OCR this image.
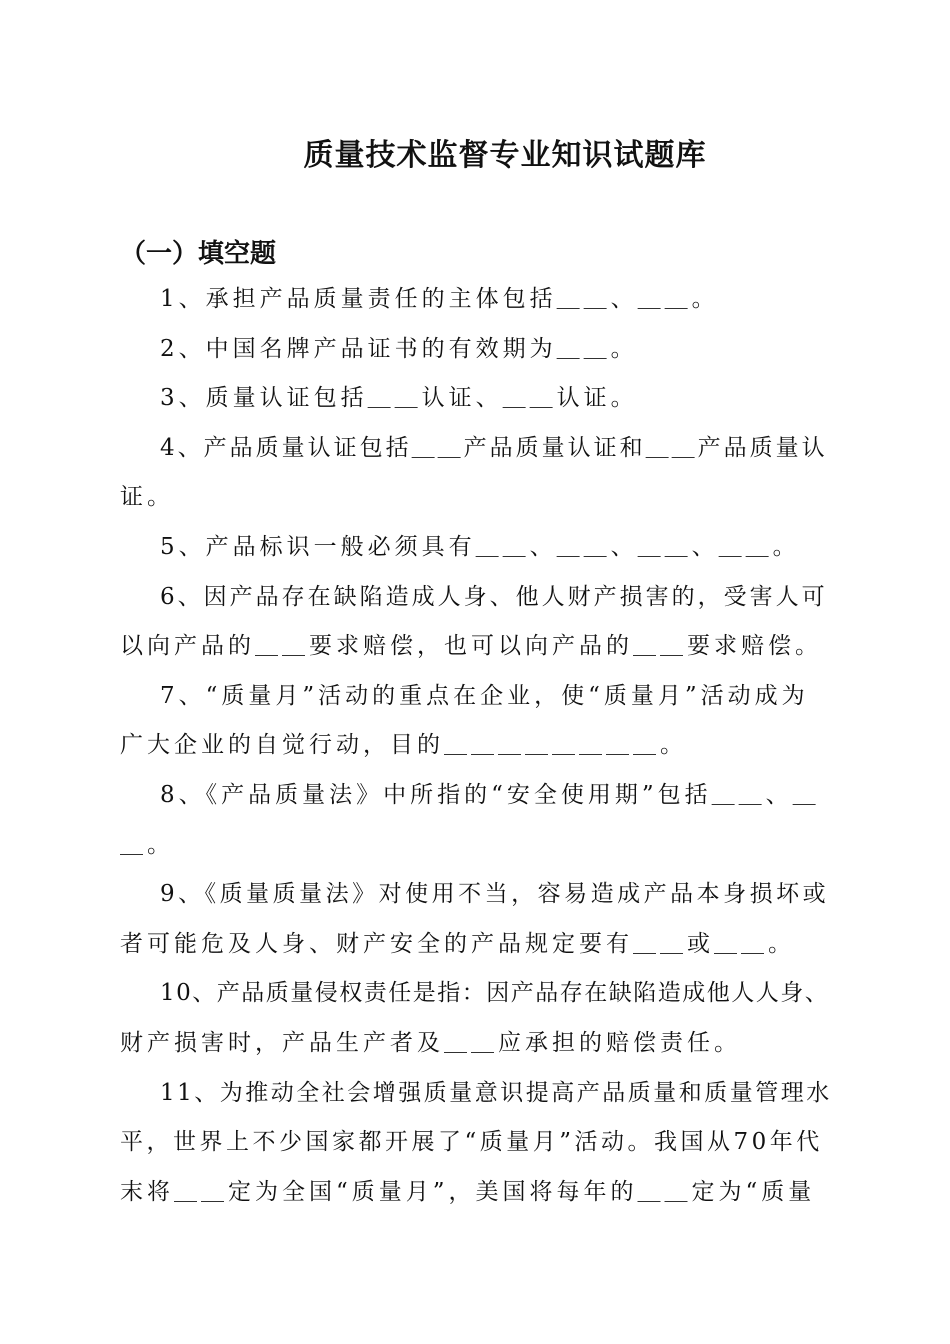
质量技术监督专业知识试题库
（一）填空题
1、承担产品质量责任的主体包括＿＿、＿＿。
2、中国名牌产品证书的有效期为＿＿。
3、质量认证包括＿＿认证、＿＿认证。
4、产品质量认证包括＿＿产品质量认证和＿＿产品质量认
证。
5、产品标识一般必须具有＿＿、＿＿、＿＿、＿＿。
6、因产品存在缺陷造成人身、他人财产损害的，受害人可
以向产品的＿＿要求赔偿，也可以向产品的＿＿要求赔偿。
7、“质量月”活动的重点在企业，使“质量月”活动成为
广大企业的自觉行动，目的＿＿＿＿＿＿＿＿。
8、《产品质量法》中所指的“安全使用期”包括＿＿、＿
＿。
9、《质量质量法》对使用不当，容易造成产品本身损坏或
者可能危及人身、财产安全的产品规定要有＿＿或＿＿。
10、产品质量侵权责任是指：因产品存在缺陷造成他人人身、
财产损害时，产品生产者及＿＿应承担的赔偿责任。
11、为推动全社会增强质量意识提高产品质量和质量管理水
平，世界上不少国家都开展了“质量月”活动。我国从70年代
末将＿＿定为全国“质量月”，美国将每年的＿＿定为“质量
